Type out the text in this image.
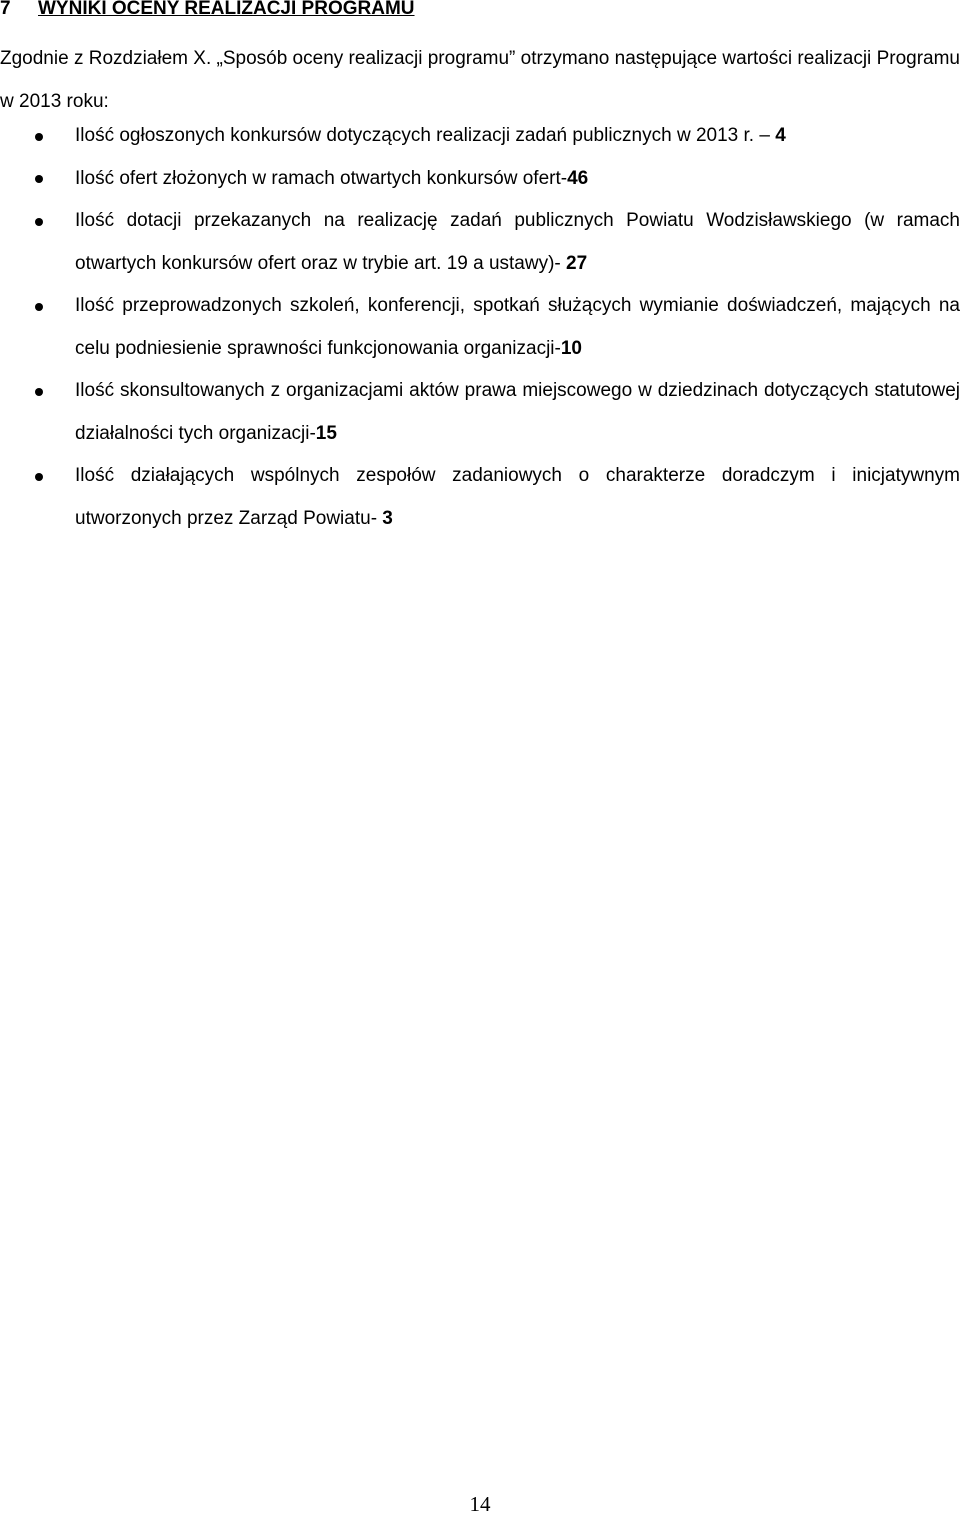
7 WYNIKI OCENY REALIZACJI PROGRAMU
Zgodnie z Rozdziałem X. „Sposób oceny realizacji programu” otrzymano następujące wartości realizacji Programu w 2013 roku:
Ilość ogłoszonych konkursów dotyczących realizacji zadań publicznych w 2013 r. – 4
Ilość ofert złożonych w ramach otwartych konkursów ofert-46
Ilość dotacji przekazanych na realizację zadań publicznych Powiatu Wodzisławskiego (w ramach otwartych konkursów ofert oraz w trybie art. 19 a ustawy)- 27
Ilość przeprowadzonych szkoleń, konferencji, spotkań służących wymianie doświadczeń, mających na celu podniesienie sprawności funkcjonowania organizacji-10
Ilość skonsultowanych z organizacjami aktów prawa miejscowego w dziedzinach dotyczących statutowej działalności tych organizacji-15
Ilość działających wspólnych zespołów zadaniowych o charakterze doradczym i inicjatywnym utworzonych przez Zarząd Powiatu- 3
14
